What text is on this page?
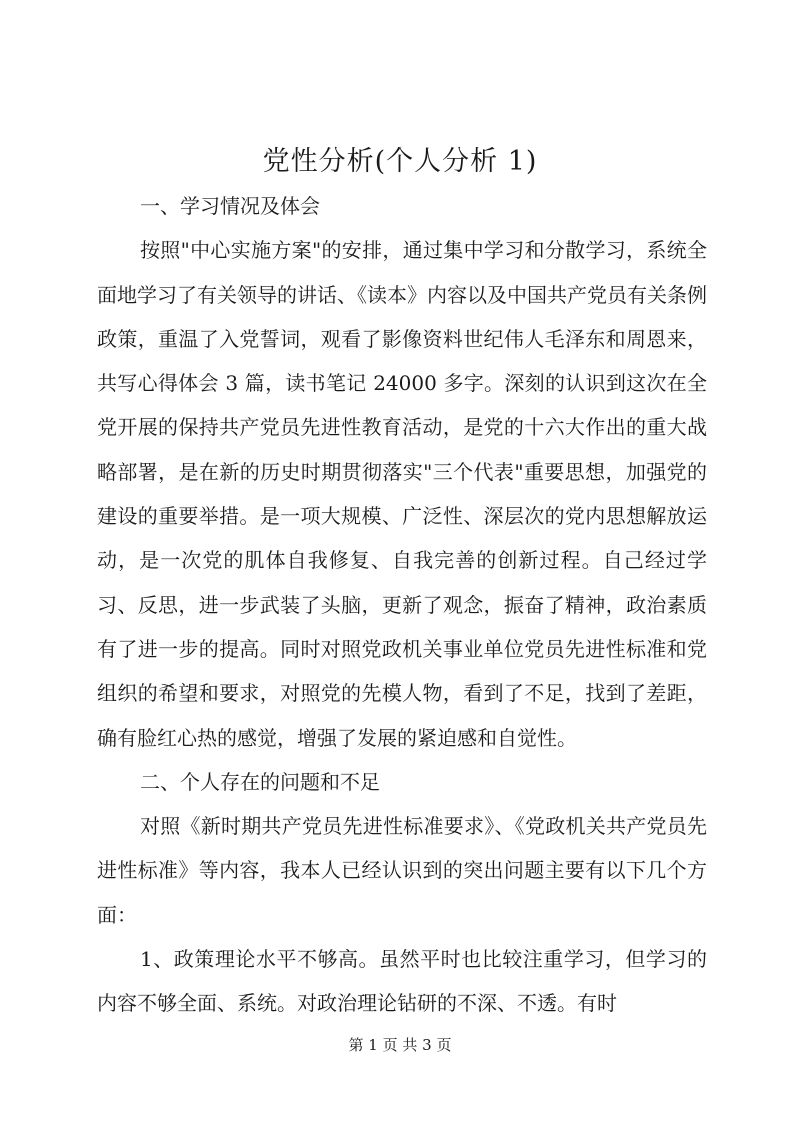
党性分析(个人分析 1)

一、学习情况及体会

按照"中心实施方案"的安排，通过集中学习和分散学习，系统全面地学习了有关领导的讲话、《读本》内容以及中国共产党员有关条例政策，重温了入党誓词，观看了影像资料世纪伟人毛泽东和周恩来，共写心得体会 3 篇，读书笔记 24000 多字。深刻的认识到这次在全党开展的保持共产党员先进性教育活动，是党的十六大作出的重大战略部署，是在新的历史时期贯彻落实"三个代表"重要思想，加强党的建设的重要举措。是一项大规模、广泛性、深层次的党内思想解放运动，是一次党的肌体自我修复、自我完善的创新过程。自己经过学习、反思，进一步武装了头脑，更新了观念，振奋了精神，政治素质有了进一步的提高。同时对照党政机关事业单位党员先进性标准和党组织的希望和要求，对照党的先模人物，看到了不足，找到了差距，确有脸红心热的感觉，增强了发展的紧迫感和自觉性。

二、个人存在的问题和不足

对照《新时期共产党员先进性标准要求》、《党政机关共产党员先进性标准》等内容，我本人已经认识到的突出问题主要有以下几个方面：

1、政策理论水平不够高。虽然平时也比较注重学习，但学习的内容不够全面、系统。对政治理论钻研的不深、不透。有时

第 1 页 共 3 页
